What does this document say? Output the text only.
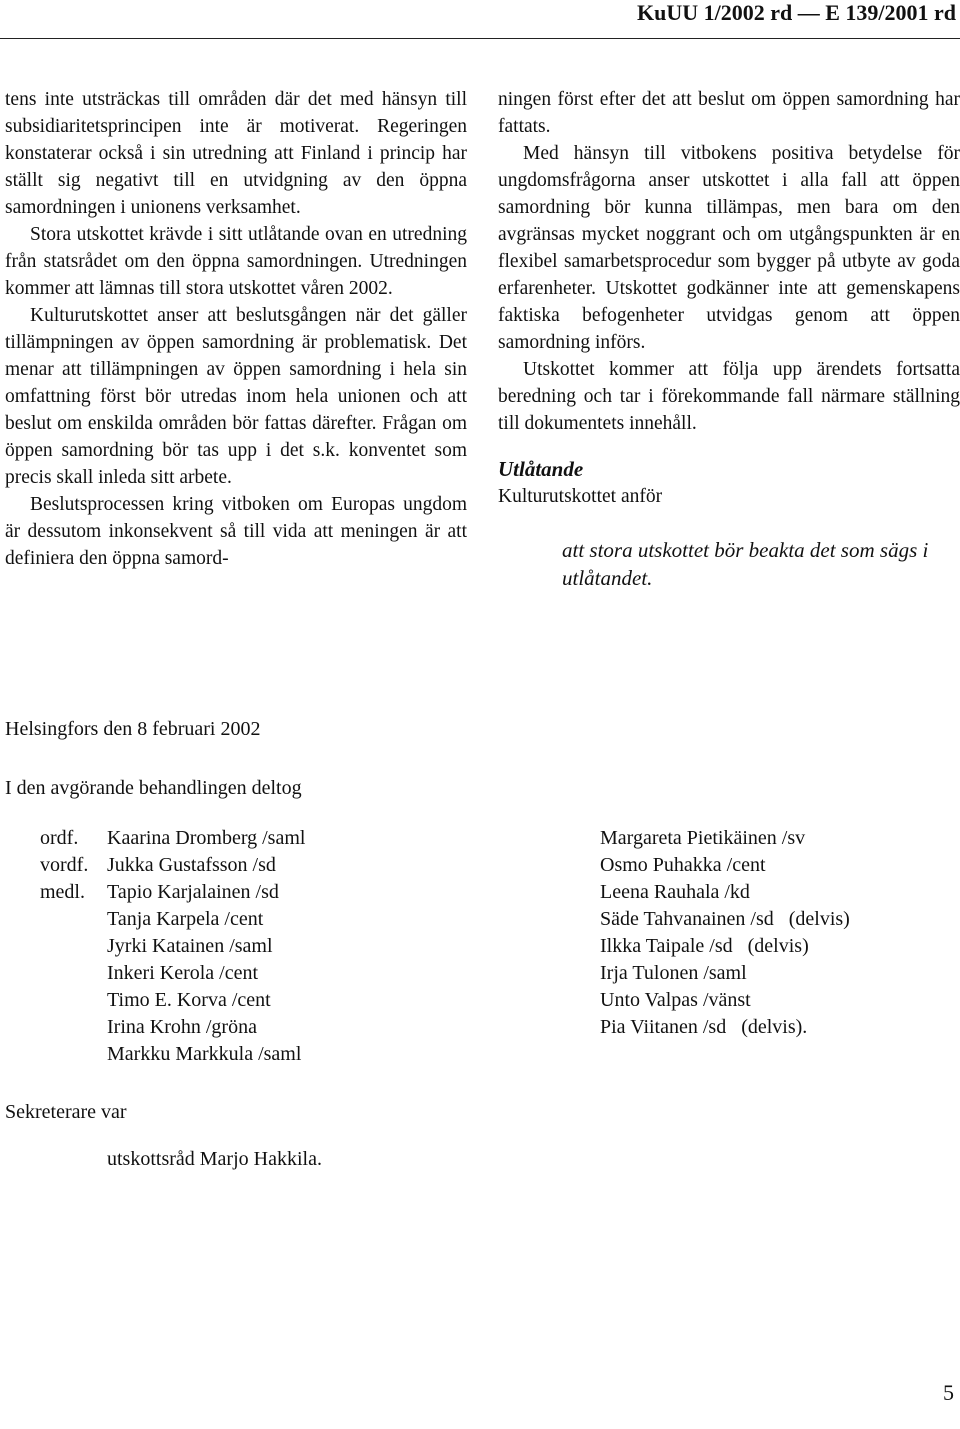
KuUU 1/2002 rd — E 139/2001 rd

tens inte utsträckas till områden där det med hänsyn till subsidiaritetsprincipen inte är motiverat. Regeringen konstaterar också i sin utredning att Finland i princip har ställt sig negativt till en utvidgning av den öppna samordningen i unionens verksamhet.

Stora utskottet krävde i sitt utlåtande ovan en utredning från statsrådet om den öppna samordningen. Utredningen kommer att lämnas till stora utskottet våren 2002.

Kulturutskottet anser att beslutsgången när det gäller tillämpningen av öppen samordning är problematisk. Det menar att tillämpningen av öppen samordning i hela sin omfattning först bör utredas inom hela unionen och att beslut om enskilda områden bör fattas därefter. Frågan om öppen samordning bör tas upp i det s.k. konventet som precis skall inleda sitt arbete.

Beslutsprocessen kring vitboken om Europas ungdom är dessutom inkonsekvent så till vida att meningen är att definiera den öppna samord-

ningen först efter det att beslut om öppen samordning har fattats.

Med hänsyn till vitbokens positiva betydelse för ungdomsfrågorna anser utskottet i alla fall att öppen samordning bör kunna tillämpas, men bara om den avgränsas mycket noggrant och om utgångspunkten är en flexibel samarbetsprocedur som bygger på utbyte av goda erfarenheter. Utskottet godkänner inte att gemenskapens faktiska befogenheter utvidgas genom att öppen samordning införs.

Utskottet kommer att följa upp ärendets fortsatta beredning och tar i förekommande fall närmare ställning till dokumentets innehåll.

Utlåtande

Kulturutskottet anför

att stora utskottet bör beakta det som sägs i utlåtandet.

Helsingfors den 8 februari 2002
I den avgörande behandlingen deltog
ordf.	Kaarina Dromberg /saml
vordf. Jukka Gustafsson /sd
medl.	Tapio Karjalainen /sd
Tanja Karpela /cent
Jyrki Katainen /saml
Inkeri Kerola /cent
Timo E. Korva /cent
Irina Krohn /gröna
Markku Markkula /saml
Margareta Pietikäinen /sv
Osmo Puhakka /cent
Leena Rauhala /kd
Säde Tahvanainen /sd   (delvis)
Ilkka Taipale /sd   (delvis)
Irja Tulonen /saml
Unto Valpas /vänst
Pia Viitanen /sd   (delvis).
Sekreterare var
utskottsråd Marjo Hakkila.
5
